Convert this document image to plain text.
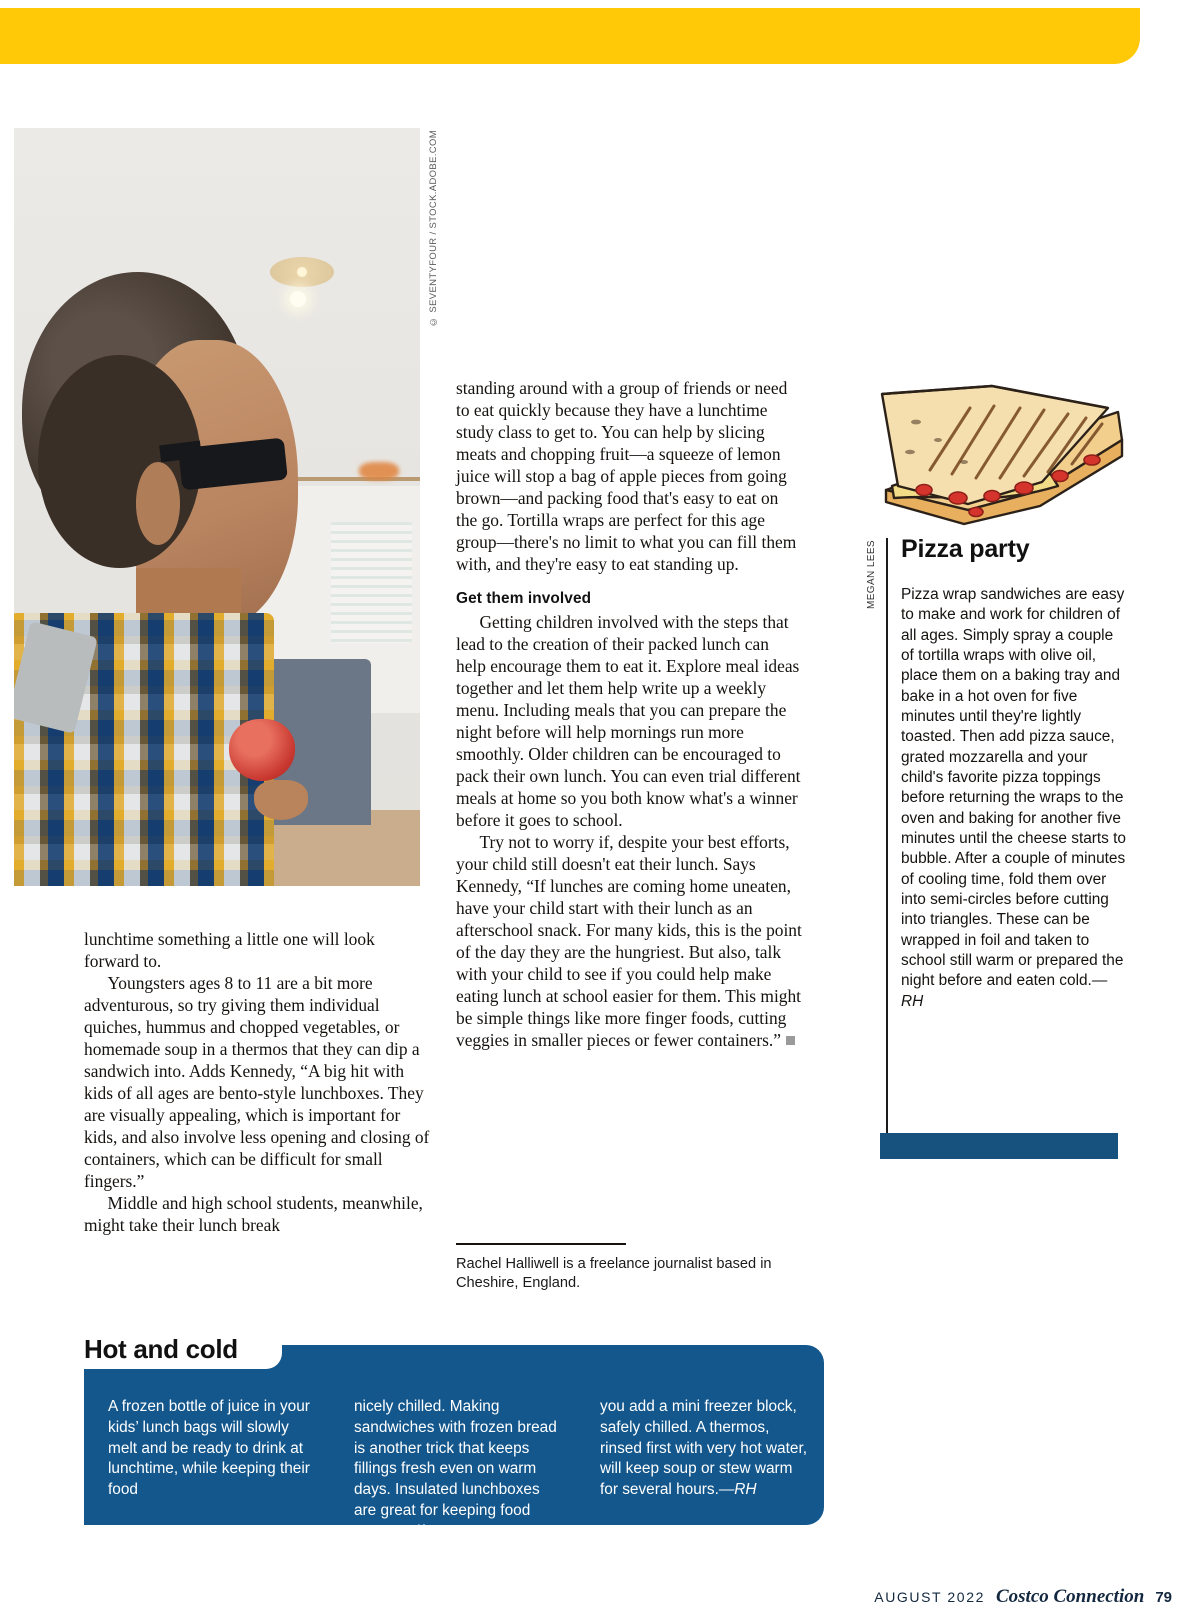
© SEVENTYFOUR / STOCK.ADOBE.COM

standing around with a group of friends or need to eat quickly because they have a lunchtime study class to get to. You can help by slicing meats and chopping fruit—a squeeze of lemon juice will stop a bag of apple pieces from going brown—and packing food that's easy to eat on the go. Tortilla wraps are perfect for this age group—there's no limit to what you can fill them with, and they're easy to eat standing up.

Get them involved

Getting children involved with the steps that lead to the creation of their packed lunch can help encourage them to eat it. Explore meal ideas together and let them help write up a weekly menu. Including meals that you can prepare the night before will help mornings run more smoothly. Older children can be encouraged to pack their own lunch. You can even trial different meals at home so you both know what's a winner before it goes to school.

Try not to worry if, despite your best efforts, your child still doesn't eat their lunch. Says Kennedy, “If lunches are coming home uneaten, have your child start with their lunch as an afterschool snack. For many kids, this is the point of the day they are the hungriest. But also, talk with your child to see if you could help make eating lunch at school easier for them. This might be simple things like more finger foods, cutting veggies in smaller pieces or fewer containers.”

Rachel Halliwell is a freelance journalist based in Cheshire, England.

lunchtime something a little one will look forward to.

Youngsters ages 8 to 11 are a bit more adventurous, so try giving them individual quiches, hummus and chopped vegetables, or homemade soup in a thermos that they can dip a sandwich into. Adds Kennedy, “A big hit with kids of all ages are bento-style lunchboxes. They are visually appealing, which is important for kids, and also involve less opening and closing of containers, which can be difficult for small fingers.”

Middle and high school students, meanwhile, might take their lunch break

MEGAN LEES Pizza party
Pizza wrap sandwiches are easy to make and work for children of all ages. Simply spray a couple of tortilla wraps with olive oil, place them on a baking tray and bake in a hot oven for five minutes until they're lightly toasted. Then add pizza sauce, grated mozzarella and your child's favorite pizza toppings before returning the wraps to the oven and baking for another five minutes until the cheese starts to bubble. After a couple of minutes of cooling time, fold them over into semi-circles before cutting into triangles. These can be wrapped in foil and taken to school still warm or prepared the night before and eaten cold.—RH
Hot and cold
A frozen bottle of juice in your kids’ lunch bags will slowly melt and be ready to drink at lunchtime, while keeping their food
nicely chilled. Making sandwiches with frozen bread is another trick that keeps fillings fresh even on warm days. Insulated lunchboxes are great for keeping food warm or, if
you add a mini freezer block, safely chilled. A thermos, rinsed first with very hot water, will keep soup or stew warm for several hours.—RH
AUGUST 2022 Costco Connection 79
